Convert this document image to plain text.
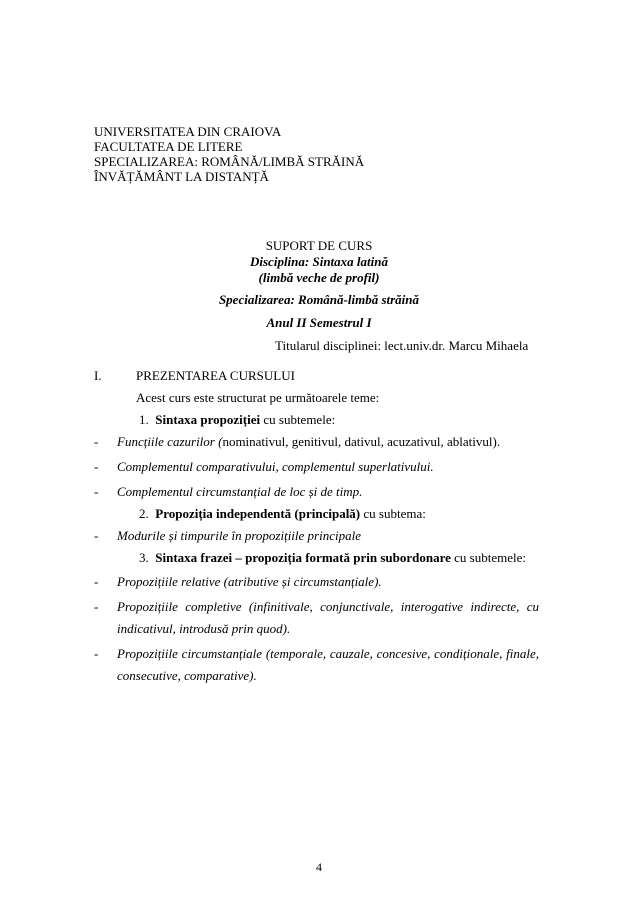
UNIVERSITATEA DIN CRAIOVA
FACULTATEA DE LITERE
SPECIALIZAREA: ROMÂNĂ/LIMBĂ STRĂINĂ
ÎNVĂȚĂMÂNT LA DISTANȚĂ
SUPORT DE CURS
Disciplina: Sintaxa latină
(limbă veche de profil)
Specializarea: Română-limbă străină
Anul II Semestrul I
Titularul disciplinei: lect.univ.dr. Marcu Mihaela
I.	PREZENTAREA CURSULUI
Acest curs este structurat pe următoarele teme:
1. Sintaxa propoziției cu subtemele:
- Funcțiile cazurilor (nominativul, genitivul, dativul, acuzativul, ablativul).
- Complementul comparativului, complementul superlativului.
- Complementul circumstanțial de loc și de timp.
2. Propoziția independentă (principală) cu subtema:
- Modurile și timpurile în propozițiile principale
3. Sintaxa frazei – propoziția formată prin subordonare cu subtemele:
- Propozițiile relative (atributive și circumstanțiale).
- Propozițiile completive (infinitivale, conjunctivale, interogative indirecte, cu
indicativul, introdusă prin quod).
- Propozițiile circumstanțiale (temporale, cauzale, concesive, condiționale, finale,
consecutive, comparative).
4
